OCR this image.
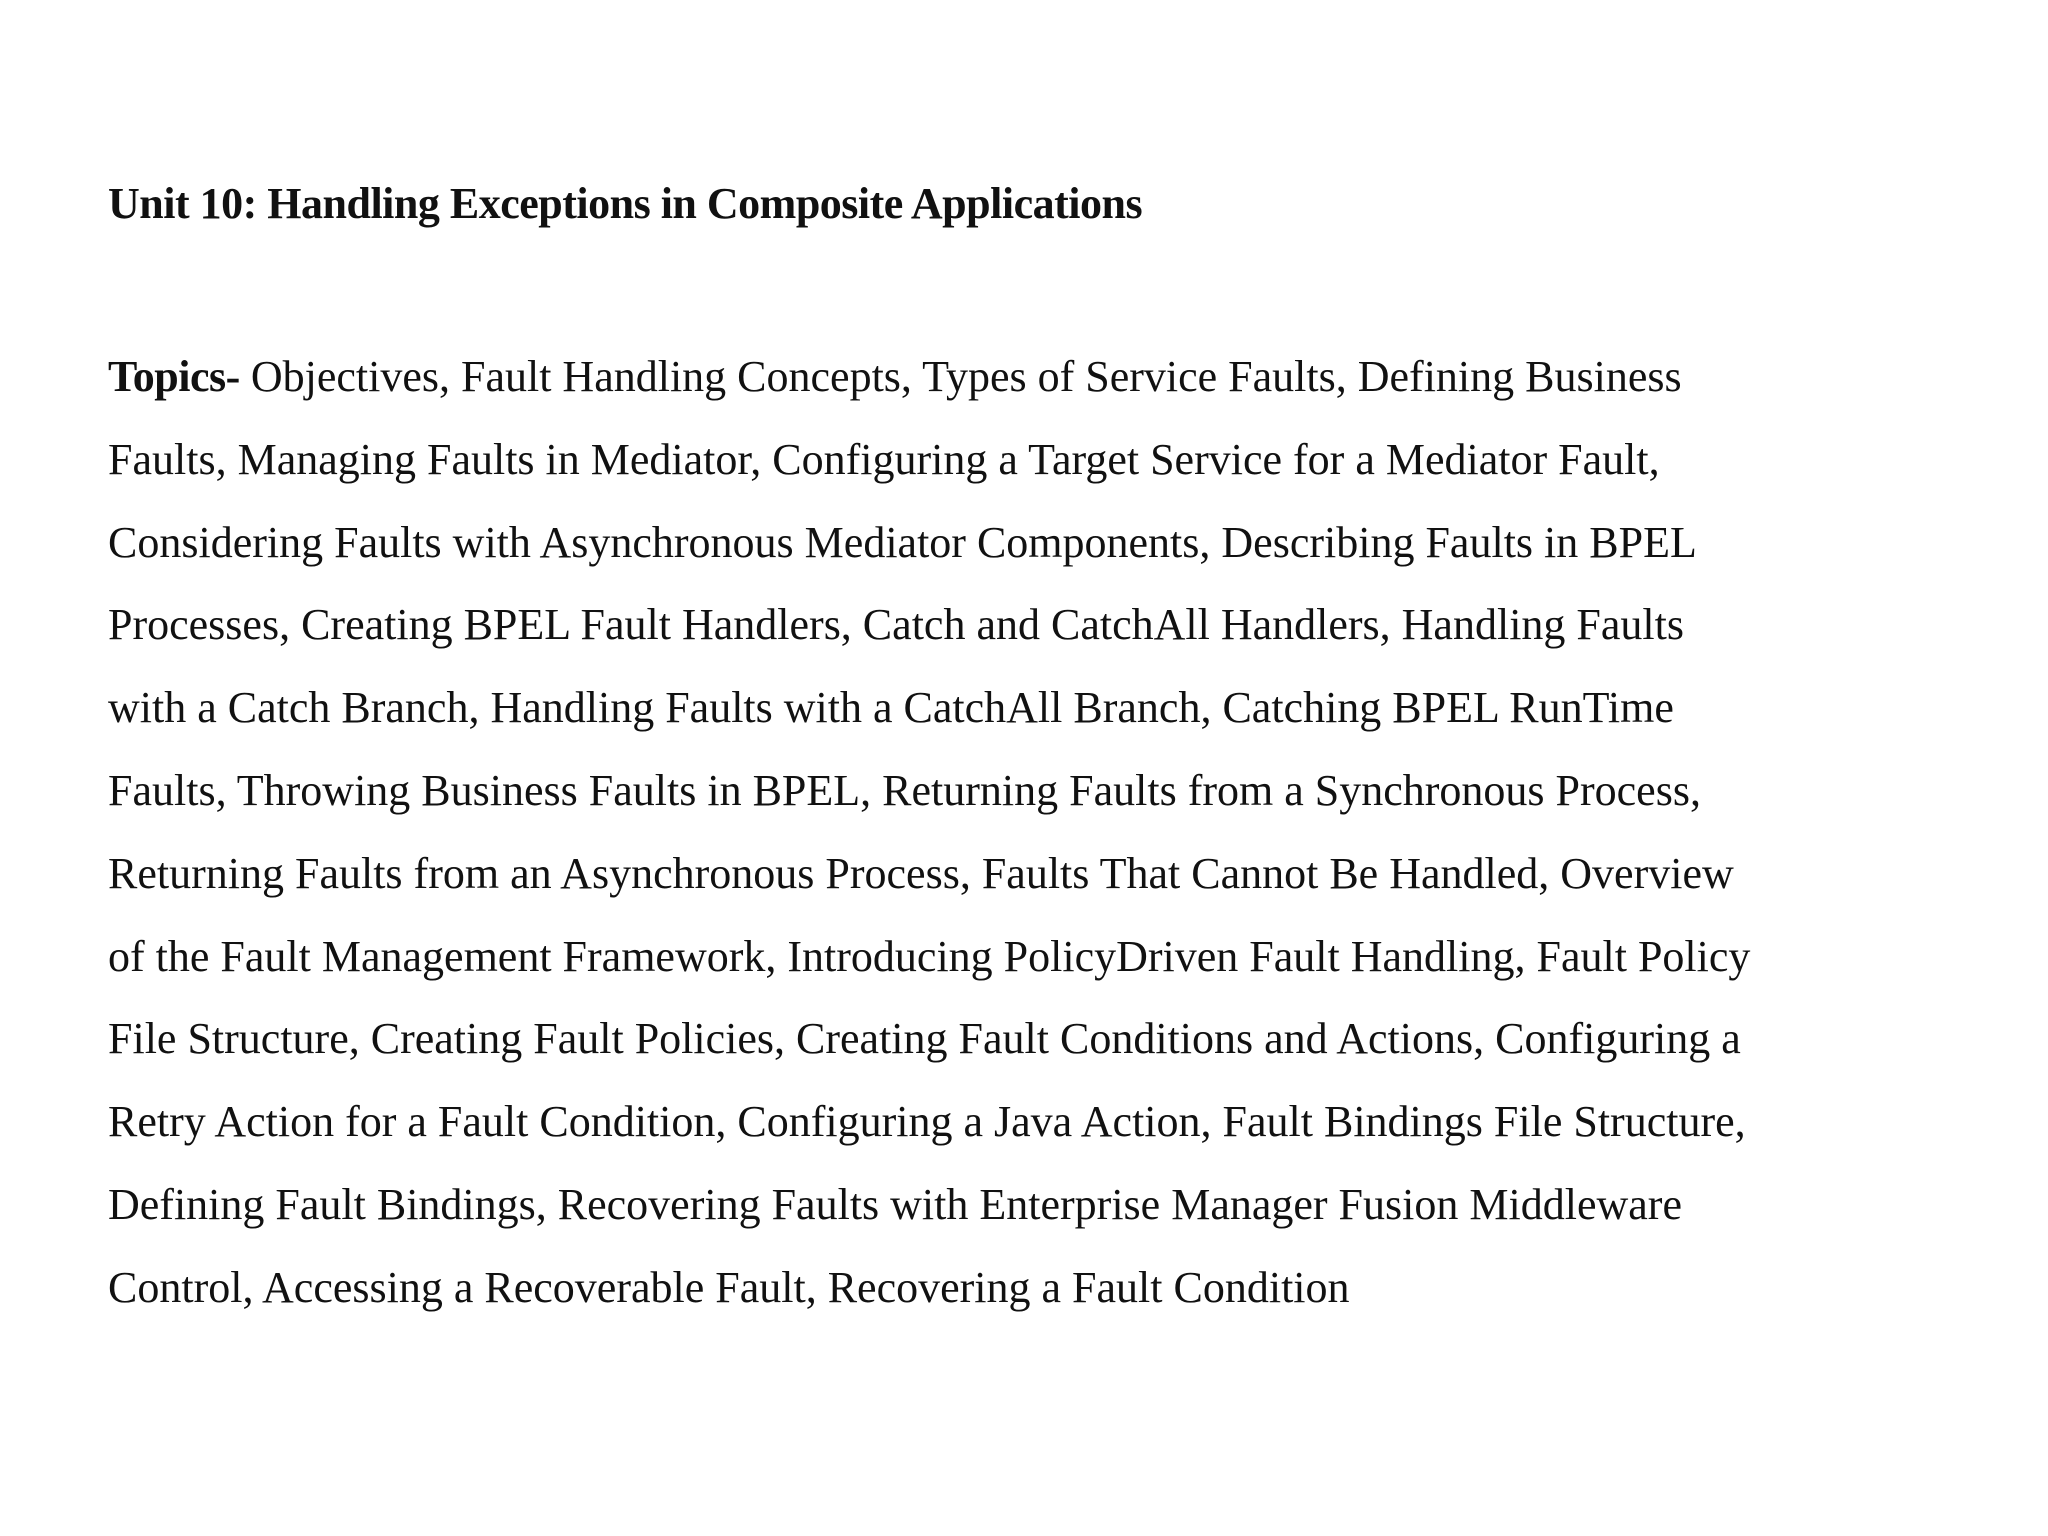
Unit 10: Handling Exceptions in Composite Applications
Topics- Objectives, Fault Handling Concepts, Types of Service Faults, Defining Business
Faults, Managing Faults in Mediator, Configuring a Target Service for a Mediator Fault,
Considering Faults with Asynchronous Mediator Components, Describing Faults in BPEL
Processes, Creating BPEL Fault Handlers, Catch and CatchAll Handlers, Handling Faults
with a Catch Branch, Handling Faults with a CatchAll Branch, Catching BPEL RunTime
Faults, Throwing Business Faults in BPEL, Returning Faults from a Synchronous Process,
Returning Faults from an Asynchronous Process, Faults That Cannot Be Handled, Overview
of the Fault Management Framework, Introducing PolicyDriven Fault Handling, Fault Policy
File Structure, Creating Fault Policies, Creating Fault Conditions and Actions, Configuring a
Retry Action for a Fault Condition, Configuring a Java Action, Fault Bindings File Structure,
Defining Fault Bindings, Recovering Faults with Enterprise Manager Fusion Middleware
Control, Accessing a Recoverable Fault, Recovering a Fault Condition
